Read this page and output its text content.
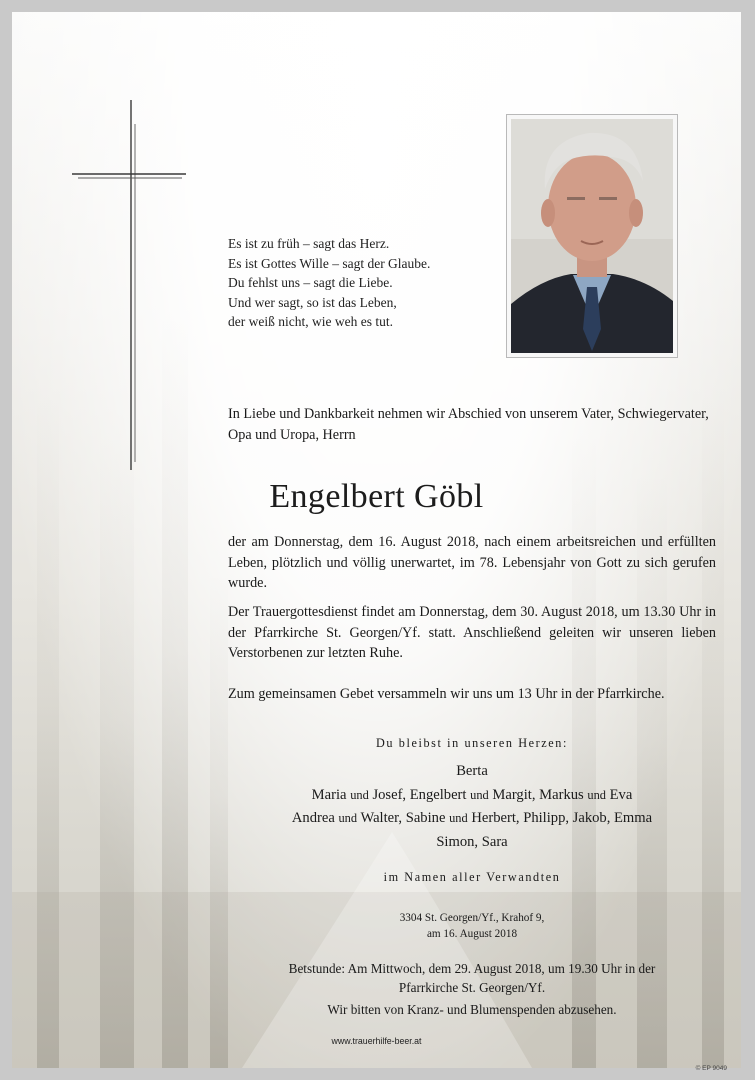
Es ist zu früh – sagt das Herz.
Es ist Gottes Wille – sagt der Glaube.
Du fehlst uns – sagt die Liebe.
Und wer sagt, so ist das Leben,
der weiß nicht, wie weh es tut.
In Liebe und Dankbarkeit nehmen wir Abschied von unserem Vater, Schwiegervater, Opa und Uropa, Herrn
Engelbert Göbl
der am Donnerstag, dem 16. August 2018, nach einem arbeitsreichen und erfüllten Leben, plötzlich und völlig unerwartet, im 78. Lebensjahr von Gott zu sich gerufen wurde.
Der Trauergottesdienst findet am Donnerstag, dem 30. August 2018, um 13.30 Uhr in der Pfarrkirche St. Georgen/Yf. statt. Anschließend geleiten wir unseren lieben Verstorbenen zur letzten Ruhe.
Zum gemeinsamen Gebet versammeln wir uns um 13 Uhr in der Pfarrkirche.
Du bleibst in unseren Herzen:
Berta
Maria und Josef, Engelbert und Margit, Markus und Eva
Andrea und Walter, Sabine und Herbert, Philipp, Jakob, Emma
Simon, Sara
im Namen aller Verwandten
3304 St. Georgen/Yf., Krahof 9,
am 16. August 2018
Betstunde: Am Mittwoch, dem 29. August 2018, um 19.30 Uhr in der
Pfarrkirche St. Georgen/Yf.
Wir bitten von Kranz- und Blumenspenden abzusehen.
www.trauerhilfe-beer.at
© EP 9049
